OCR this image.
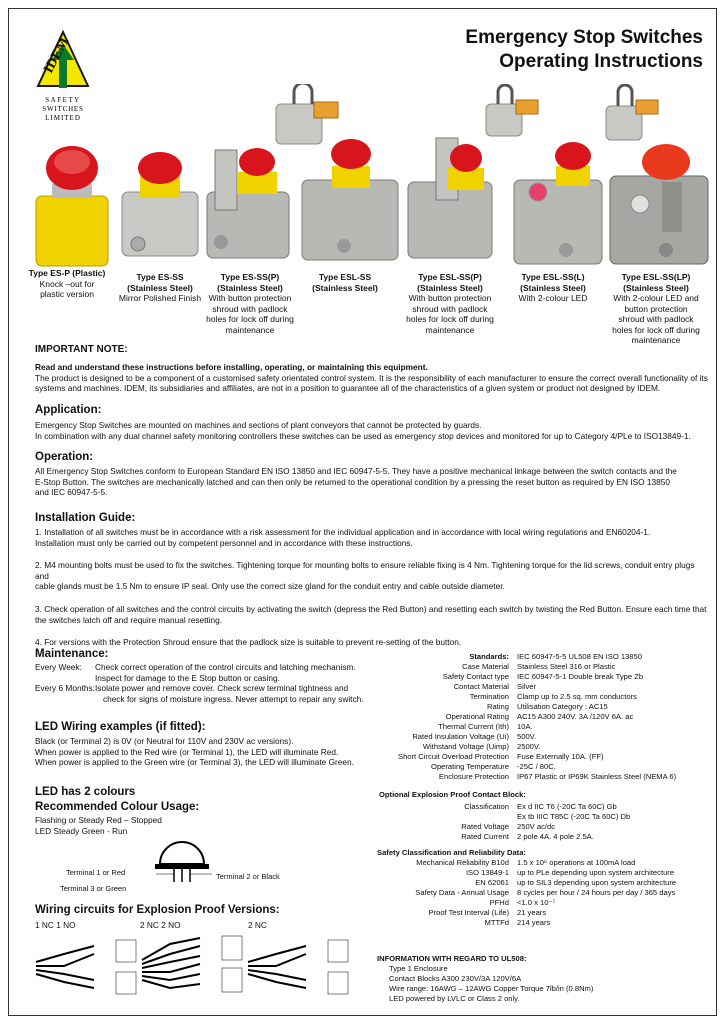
IDEM
SAFETY
SWITCHES
LIMITED
Emergency Stop Switches
Operating Instructions
Type ES-P (Plastic)
Knock –out for
plastic version
Type ES-SS
(Stainless Steel)
Mirror Polished Finish
Type ES-SS(P)
(Stainless Steel)
With button protection
shroud with padlock
holes for lock off during
maintenance
Type ESL-SS
(Stainless Steel)
Type ESL-SS(P)
(Stainless Steel)
With button protection
shroud with padlock
holes for lock off during
maintenance
Type ESL-SS(L)
(Stainless Steel)
With 2-colour LED
Type ESL-SS(LP)
(Stainless Steel)
With 2-colour LED and
button protection
shroud with padlock
holes for lock off during
maintenance
IMPORTANT NOTE:
Read and understand these instructions before installing, operating, or maintaining this equipment.
The product is designed to be a component of a customised safety orientated control system. It is the responsibility of each manufacturer to ensure the correct overall functionality of its
systems and machines. IDEM, its subsidiaries and affiliates, are not in a position to guarantee all of the characteristics of a given system or product not designed by IDEM.
Application:
Emergency Stop Switches are mounted on machines and sections of plant conveyors that cannot be protected by guards.
In combination with any dual channel safety monitoring controllers these switches can be used as emergency stop devices and monitored for up to Category 4/PLe to ISO13849-1.
Operation:
All Emergency Stop Switches conform to European Standard EN ISO 13850 and IEC 60947-5-5. They have a positive mechanical linkage between the switch contacts and the
E-Stop Button. The switches are mechanically latched and can then only be returned to the operational condition by a pressing the reset button as required by EN ISO 13850
and IEC 60947-5-5.
Installation Guide:
1. Installation of all switches must be in accordance with a risk assessment for the individual application and in accordance with local wiring regulations and EN60204-1.
Installation must only be carried out by competent personnel and in accordance with these instructions.
2. M4 mounting bolts must be used to fix the switches. Tightening torque for mounting bolts to ensure reliable fixing is 4 Nm. Tightening torque for the lid screws, conduit entry plugs and
cable glands must be 1.5 Nm to ensure IP seal. Only use the correct size gland for the conduit entry and cable outside diameter.
3. Check operation of all switches and the control circuits by activating the switch (depress the Red Button) and resetting each switch by twisting the Red Button. Ensure each time that
the switches latch off and require manual resetting.
4. For versions with the Protection Shroud ensure that the padlock size is suitable to prevent re-setting of the button.
Maintenance:
Every Week:	Check correct operation of the control circuits and latching mechanism.
Inspect for damage to the E Stop button or casing.
Every 6 Months: Isolate power and remove cover. Check screw terminal tightness and
check for signs of moisture ingress. Never attempt to repair any switch.
LED Wiring examples (if fitted):
Black (or Terminal 2) is 0V (or Neutral for 110V and 230V ac versions).
When power is applied to the Red wire (or Terminal 1), the LED will illuminate Red.
When power is applied to the Green wire (or Terminal 3), the LED will illuminate Green.
LED has 2 colours
Recommended Colour Usage:
Flashing or Steady Red – Stopped
LED Steady Green - Run
Terminal 1 or Red	Terminal 2 or Black
Terminal 3 or Green
Wiring circuits for Explosion Proof Versions:
1 NC 1 NO	2 NC 2 NO	2 NC
Standards:	IEC 60947-5-5 UL508 EN ISO 13850
Case Material	Stainless Steel 316 or Plastic
Safety Contact type	IEC 60947-5-1 Double break Type Zb
Contact Material	Silver
Termination	Clamp up to 2.5 sq. mm conductors
Rating	Utilisation Category : AC15
Operational Rating	AC15 A300 240V. 3A /120V 6A. ac
Thermal Current (Ith)	10A.
Rated Insulation Voltage (Ui)	500V.
Withstand Voltage (Uimp)	2500V.
Short Circuit Overload Protection	Fuse Externally 10A. (FF)
Operating Temperature	-25C / 80C.
Enclosure Protection	IP67 Plastic or IP69K Stainless Steel (NEMA 6)
Optional Explosion Proof Contact Block:
Classification	Ex d IIC T6 (-20C Ta 60C) Gb
Ex tb IIIC T85C (-20C Ta 60C) Db
Rated Voltage	250V ac/dc
Rated Current	2 pole 4A. 4 pole 2.5A.
Safety Classification and Reliability Data:
Mechanical Reliability B10d	1.5 x 10⁶ operations at 100mA load
ISO 13849-1	up to PLe depending upon system architecture
EN 62061	up to SIL3 depending upon system architecture
Safety Data - Annual Usage	8 cycles per hour / 24 hours per day / 365 days
PFHd	<1.0 x 10⁻⁷
Proof Test Interval (Life)	21 years
MTTFd	214 years
INFORMATION WITH REGARD TO UL508:
Type 1 Enclosure
Contact Blocks A300 230V/3A 120V/6A
Wire range: 16AWG – 12AWG Copper Torque 7lb/in (0.8Nm)
LED powered by LVLC or Class 2 only.
